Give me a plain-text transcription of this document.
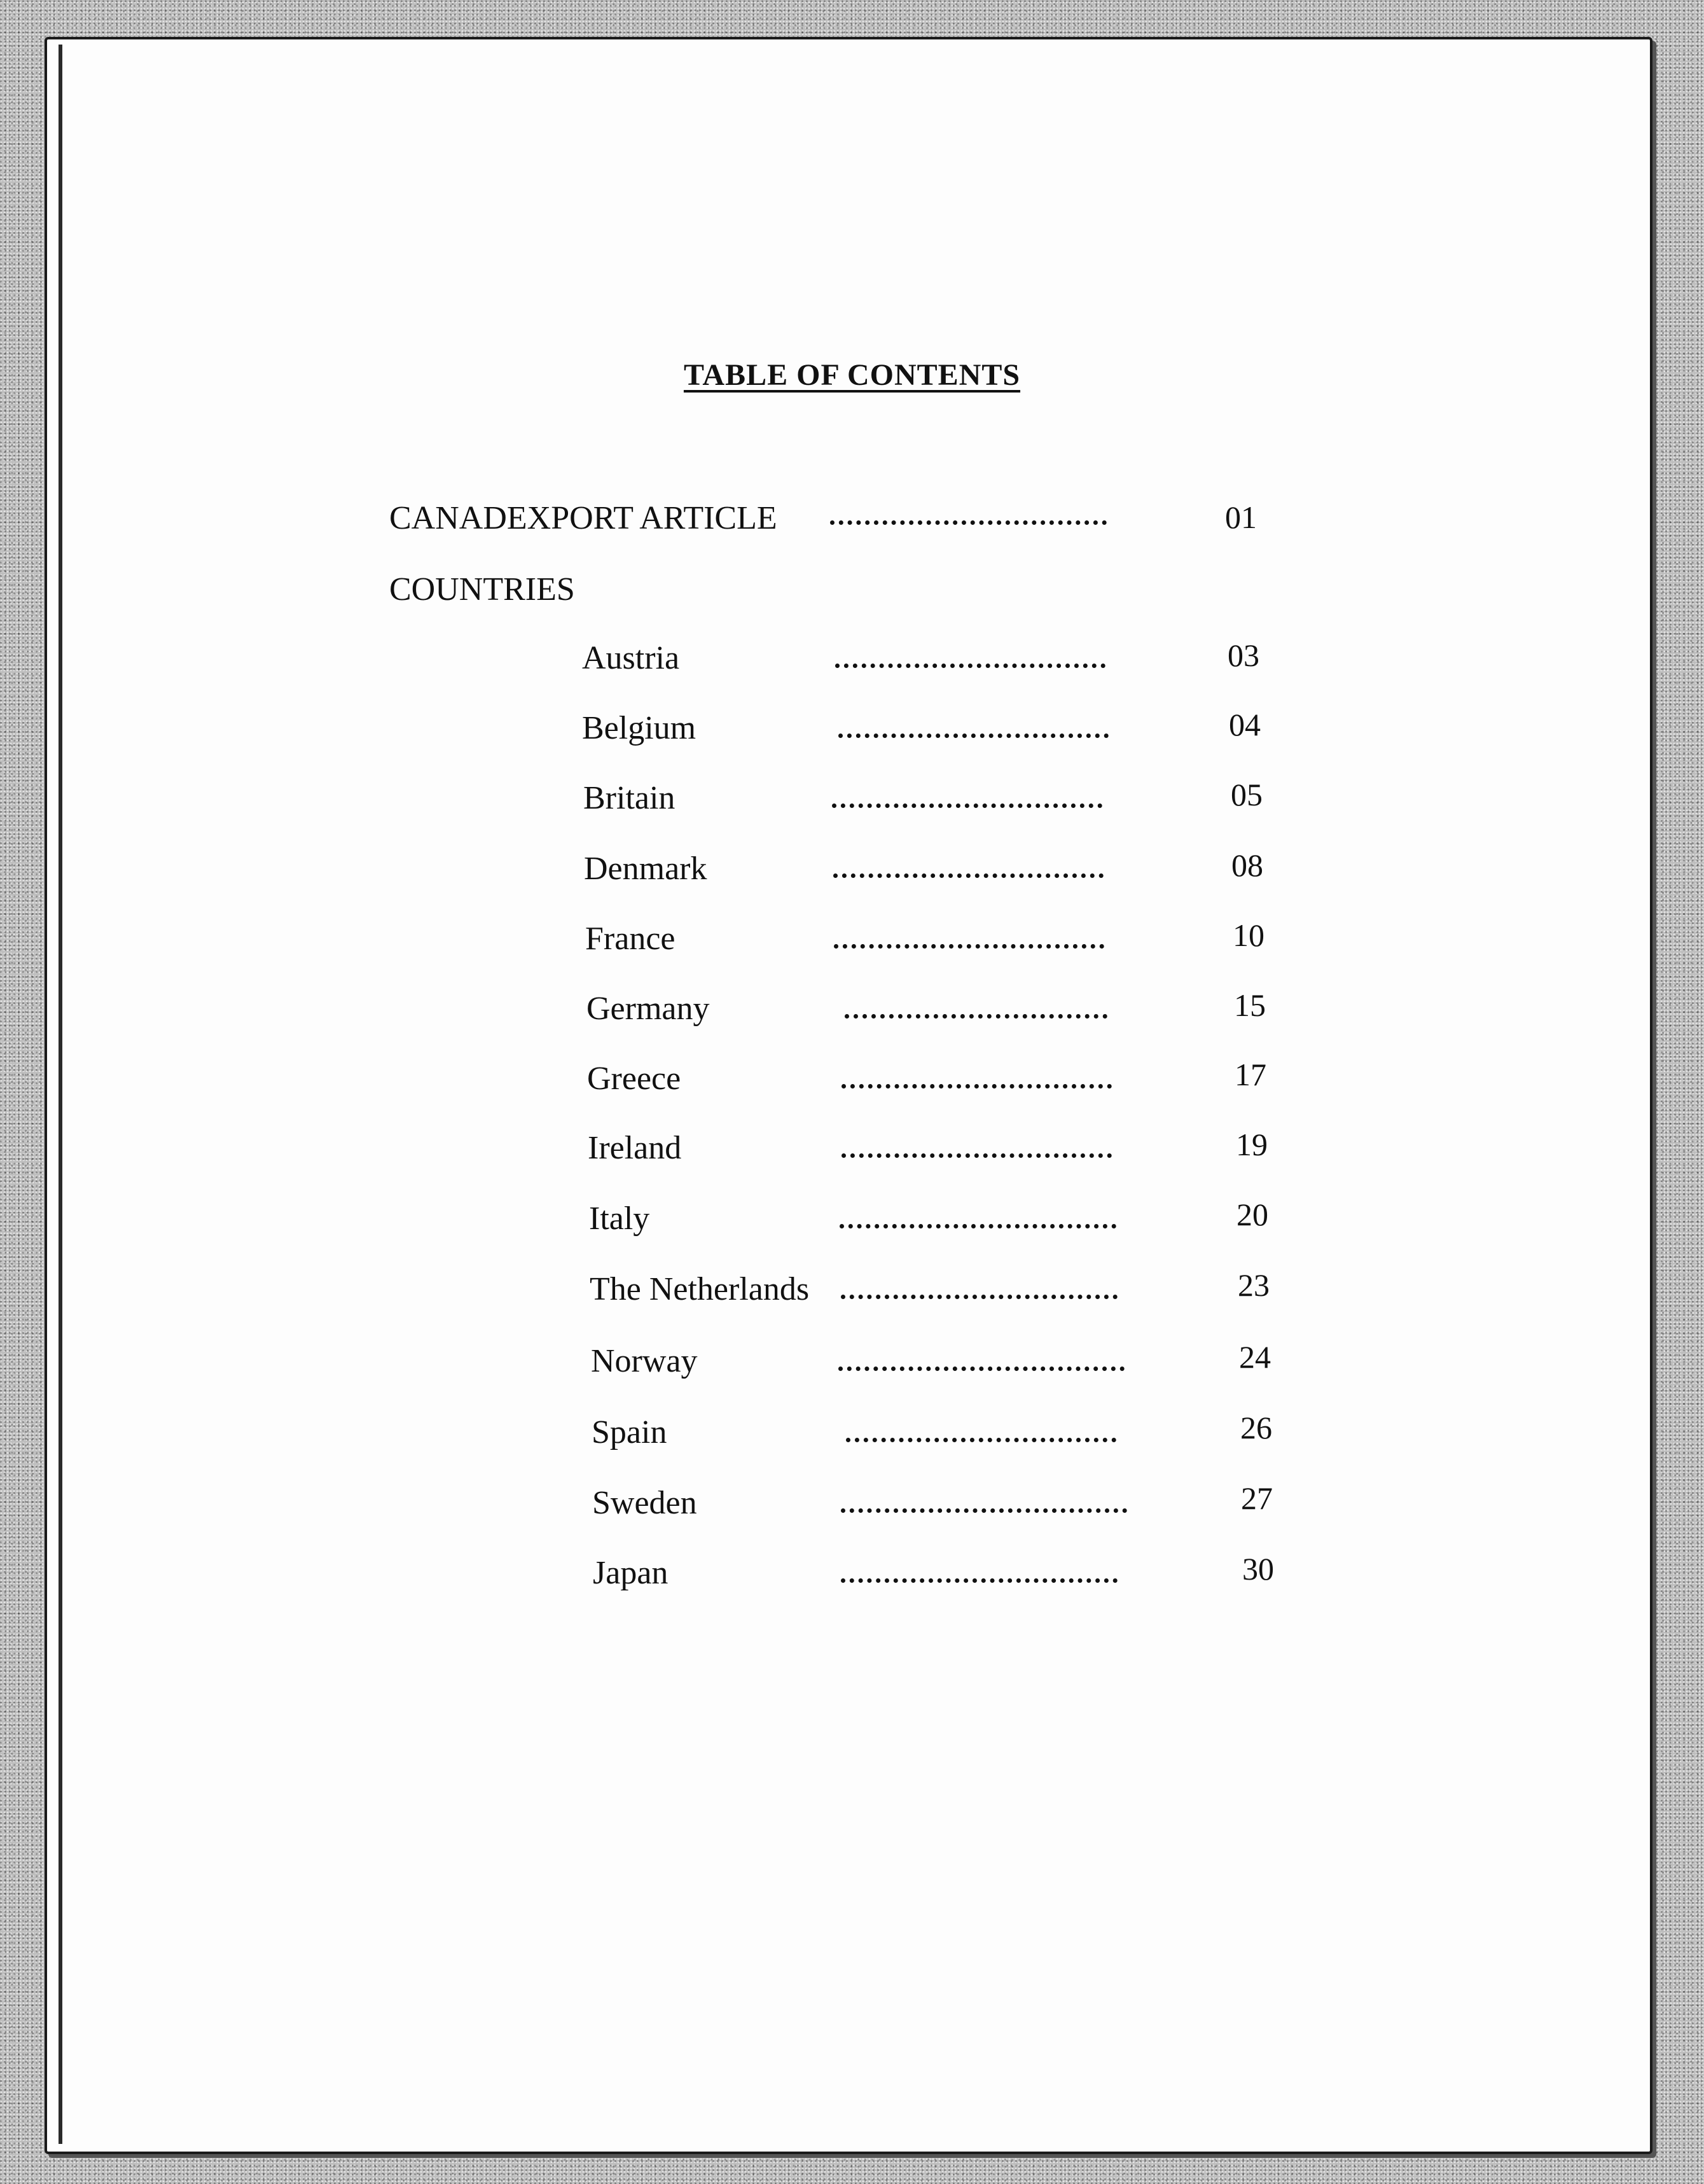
TABLE OF CONTENTS
CANADEXPORT ARTICLE	01
COUNTRIES
Austria	03
Belgium	04
Britain	05
Denmark	08
France	10
Germany	15
Greece	17
Ireland	19
Italy	20
The Netherlands	23
Norway	24
Spain	26
Sweden	27
Japan	30
